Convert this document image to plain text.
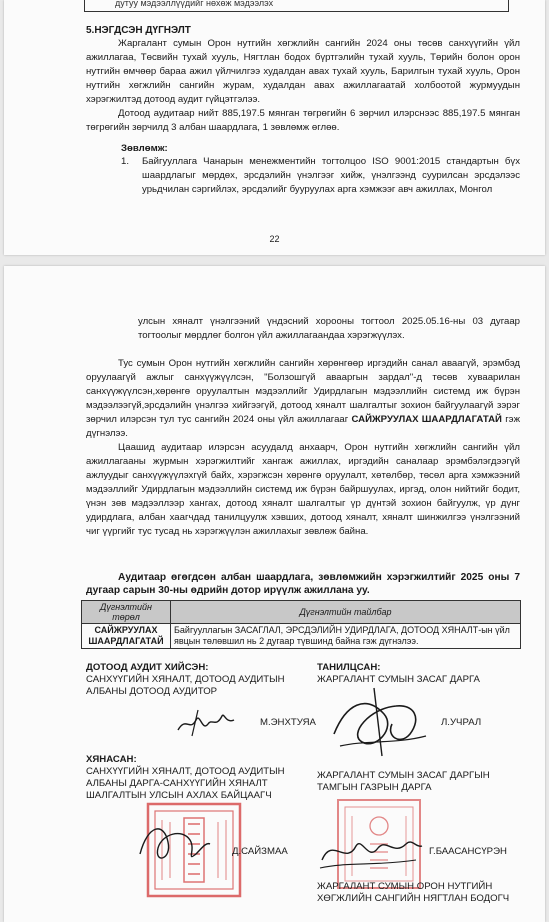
дутуу мэдээллүүдийг нөхөж мэдээлэх
5.НЭГДСЭН ДҮГНЭЛТ

Жаргалант сумын Орон нутгийн хөгжлийн сангийн 2024 оны төсөв санхүүгийн үйл ажиллагаа, Төсвийн тухай хууль, Нягтлан бодох бүртгэлийн тухай хууль, Төрийн болон орон нутгийн өмчөөр бараа ажил үйлчилгээ худалдан авах тухай хууль, Барилгын тухай хууль, Орон нутгийн хөгжлийн сангийн журам, худалдан авах ажиллагаатай холбоотой журмуудын хэрэгжилтэд дотоод аудит гүйцэтгэлээ.

Дотоод аудитаар нийт 885,197.5 мянган төгрөгийн 6 зөрчил илэрснээс 885,197.5 мянган төгрөгийн зөрчилд 3 албан шаардлага, 1 зөвлөмж өглөө.

Зөвлөмж:
1. Байгууллага Чанарын менежментийн тогтолцоо ISO 9001:2015 стандартын бүх шаардлагыг мөрдөх, эрсдэлийн үнэлгээг хийж, үнэлгээнд суурилсан эрсдэлээс урьдчилан сэргийлэх, эрсдэлийг бууруулах арга хэмжээг авч ажиллах, Монгол

22

улсын хяналт үнэлгээний үндэсний хорооны тогтоол 2025.05.16-ны 03 дугаар тогтоолыг мөрдлөг болгон үйл ажиллагаандаа хэрэгжүүлэх.

Тус сумын Орон нутгийн хөгжлийн сангийн хөрөнгөөр иргэдийн санал аваагүй, эрэмбэд оруулаагүй ажлыг санхүүжүүлсэн, "Болзошгүй авааргын зардал"-д төсөв хуваарилан санхүүжүүлсэн,хөрөнгө оруулалтын мэдээллийг Удирдлагын мэдээллийн системд иж бүрэн мэдээлээгүй,эрсдэлийн үнэлгээ хийгээгүй, дотоод хяналт шалгалтыг зохион байгуулаагүй зэрэг зөрчил илэрсэн тул тус сангийн 2024 оны үйл ажиллагааг САЙЖРУУЛАХ ШААРДЛАГАТАЙ гэж дүгнэлээ.

Цаашид аудитаар илэрсэн асуудалд анхаарч, Орон нутгийн хөгжлийн сангийн үйл ажиллагааны журмын хэрэгжилтийг хангаж ажиллах, иргэдийн саналаар эрэмбэлэгдээгүй ажлуудыг санхүүжүүлэхгүй байх, хэрэгжсэн хөрөнгө оруулалт, хөтөлбөр, төсөл арга хэмжээний мэдээллийг Удирдлагын мэдээллийн системд иж бүрэн байршуулах, иргэд, олон нийтийг бодит, үнэн зөв мэдээллээр хангах, дотоод хяналт шалгалтыг үр дүнтэй зохион байгуулж, үр дүнг удирдлага, албан хаагчдад танилцуулж хэвших, дотоод хяналт, хяналт шинжилгээ үнэлгээний чиг үүргийг тус тусад нь хэрэгжүүлэн ажиллахыг зөвлөж байна.

Аудитаар өгөгдсөн албан шаардлага, зөвлөмжийн хэрэгжилтийг 2025 оны 7 дугаар сарын 30-ны өдрийн дотор ирүүлж ажиллана уу.

Дүгнэлтийн төрөл	Дүгнэлтийн тайлбар
САЙЖРУУЛАХ ШААРДЛАГАТАЙ	Байгууллагын ЗАСАГЛАЛ, ЭРСДЭЛИЙН УДИРДЛАГА, ДОТООД ХЯНАЛТ-ын үйл явцын төлөвшил нь 2 дугаар түвшинд байна гэж дүгнэлээ.
ДОТООД АУДИТ ХИЙСЭН:
САНХҮҮГИЙН ХЯНАЛТ, ДОТООД АУДИТЫН АЛБАНЫ ДОТООД АУДИТОР
М.ЭНХТУЯА
ТАНИЛЦСАН:
ЖАРГАЛАНТ СУМЫН ЗАСАГ ДАРГА
Л.УЧРАЛ
ХЯНАСАН:
САНХҮҮГИЙН ХЯНАЛТ, ДОТООД АУДИТЫН АЛБАНЫ ДАРГА-САНХҮҮГИЙН ХЯНАЛТ ШАЛГАЛТЫН УЛСЫН АХЛАХ БАЙЦААГЧ
Д.САЙЗМАА
ЖАРГАЛАНТ СУМЫН ЗАСАГ ДАРГЫН ТАМГЫН ГАЗРЫН ДАРГА
Г.БААСАНСҮРЭН
ЖАРГАЛАНТ СУМЫН ОРОН НУТГИЙН ХӨГЖЛИЙН САНГИЙН НЯГТЛАН БОДОГЧ
